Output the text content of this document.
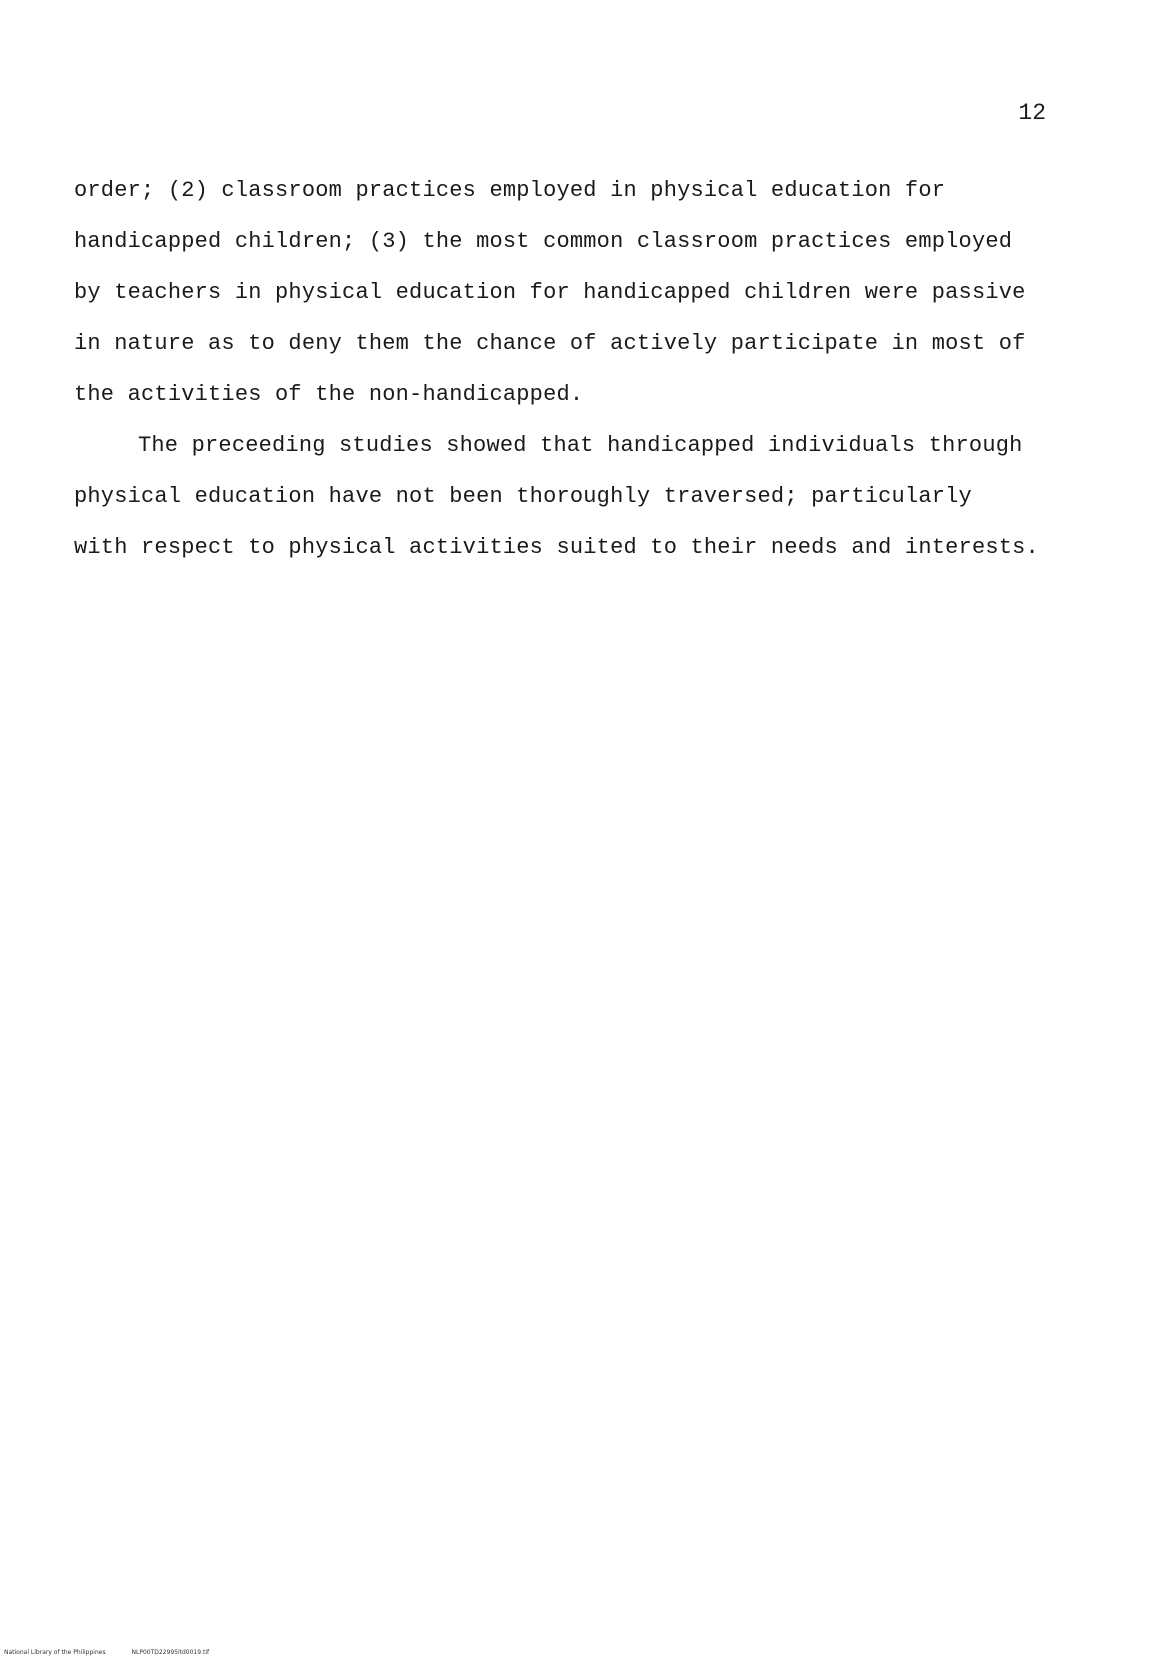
12
order; (2) classroom practices employed in physical education for
handicapped children; (3) the most common classroom practices employed
by teachers in physical education for handicapped children were passive
in nature as to deny them the chance of actively participate in most of
the activities of the non-handicapped.
The preceeding studies showed that handicapped individuals through
physical education have not been thoroughly traversed; particularly
with respect to physical activities suited to their needs and interests.
National Library of the Philippines	NLP00TD22995itd0019.tif
